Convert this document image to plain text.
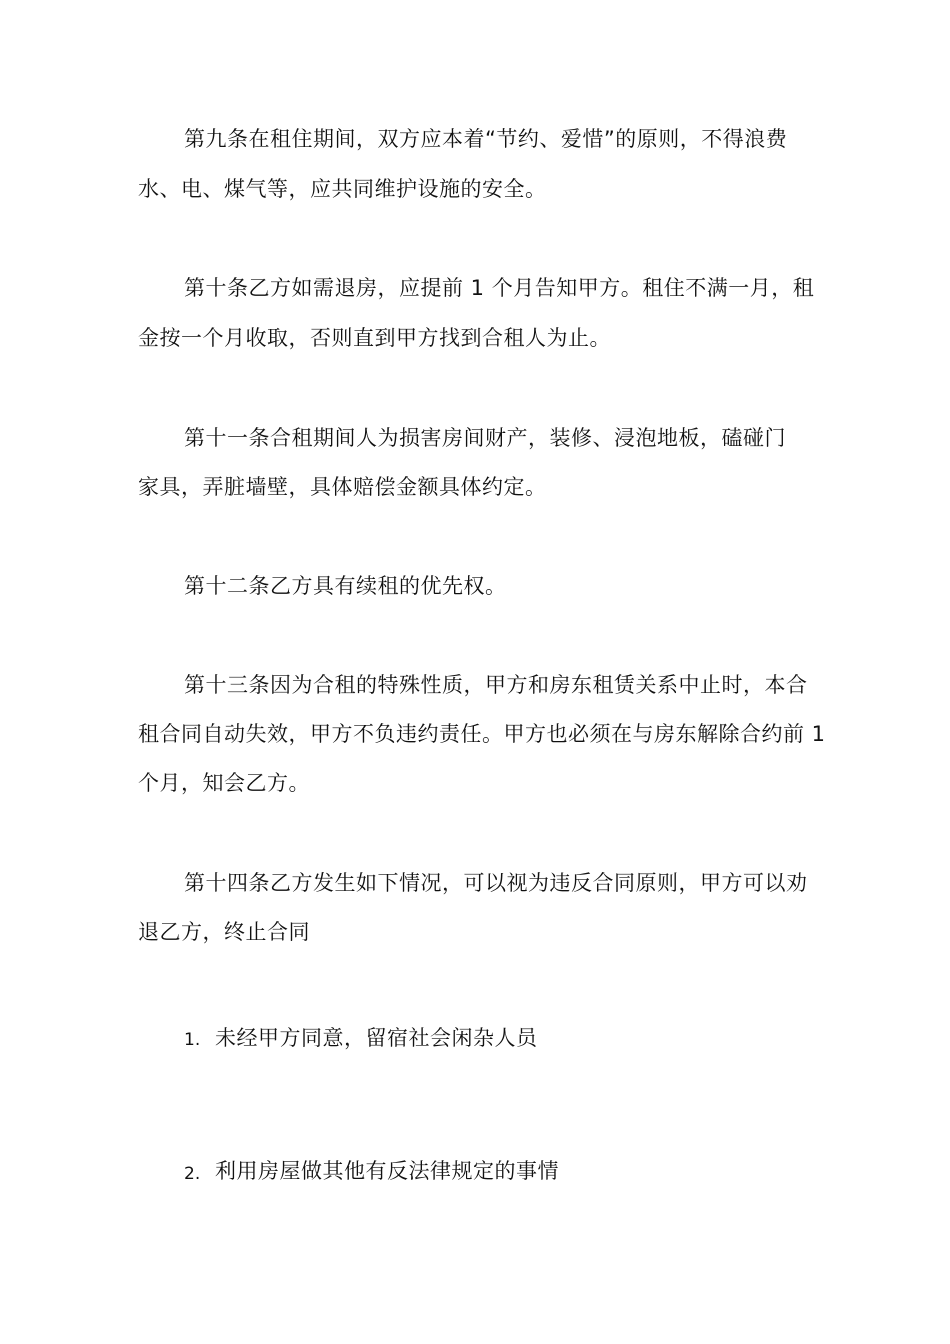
第九条在租住期间，双方应本着“节约、爱惜”的原则，不得浪费
水、电、煤气等，应共同维护设施的安全。
第十条乙方如需退房，应提前 1 个月告知甲方。租住不满一月，租
金按一个月收取，否则直到甲方找到合租人为止。
第十一条合租期间人为损害房间财产，装修、浸泡地板，磕碰门
家具，弄脏墙壁，具体赔偿金额具体约定。
第十二条乙方具有续租的优先权。
第十三条因为合租的特殊性质，甲方和房东租赁关系中止时，本合
租合同自动失效，甲方不负违约责任。甲方也必须在与房东解除合约前 1
个月，知会乙方。
第十四条乙方发生如下情况，可以视为违反合同原则，甲方可以劝
退乙方，终止合同
1. 未经甲方同意，留宿社会闲杂人员
2. 利用房屋做其他有反法律规定的事情
